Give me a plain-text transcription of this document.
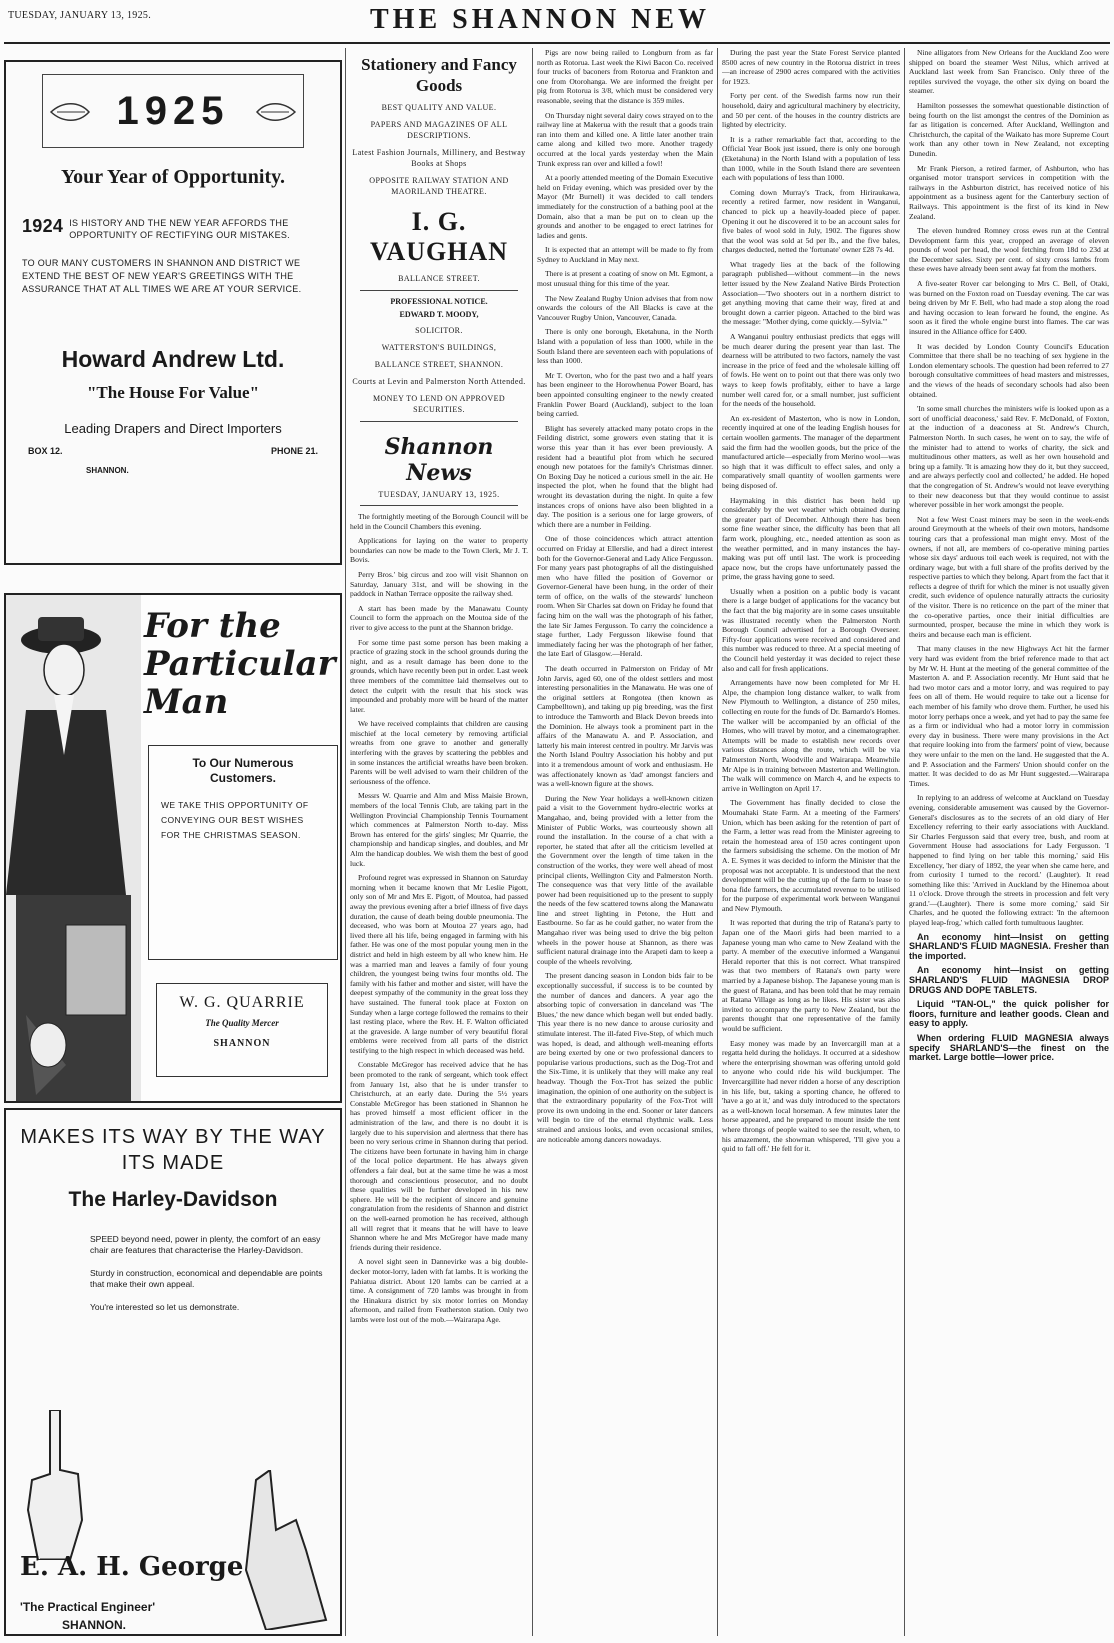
TUESDAY, JANUARY 13, 1925.	THE SHANNON NEW
1925
Your Year of Opportunity.
1924 IS HISTORY AND THE NEW YEAR AFFORDS THE OPPORTUNITY OF RECTIFYING OUR MISTAKES.
TO OUR MANY CUSTOMERS IN SHANNON AND DISTRICT WE EXTEND THE BEST OF NEW YEAR'S GREETINGS WITH THE ASSURANCE THAT AT ALL TIMES WE ARE AT YOUR SERVICE.
Howard Andrew Ltd.
"The House For Value"
Leading Drapers and Direct Importers
BOX 12.	PHONE 21.
SHANNON.
For the
Particular Man
To Our Numerous Customers.
WE TAKE THIS OPPORTUNITY OF CONVEYING OUR BEST WISHES FOR THE CHRISTMAS SEASON.
W. G. QUARRIE
The Quality Mercer
SHANNON
MAKES ITS WAY BY THE WAY ITS MADE
The Harley-Davidson
SPEED beyond need, power in plenty, the comfort of an easy chair are features that characterise the Harley-Davidson.
Sturdy in construction, economical and dependable are points that make their own appeal.
You're interested so let us demonstrate.
E. A. H. George
'The Practical Engineer'
SHANNON.
Stationery and Fancy Goods
BEST QUALITY AND VALUE.
PAPERS AND MAGAZINES OF ALL DESCRIPTIONS.
Latest Fashion Journals, Millinery, and Bestway Books at Shops
OPPOSITE RAILWAY STATION AND MAORILAND THEATRE.
I. G. VAUGHAN
BALLANCE STREET.
PROFESSIONAL NOTICE.
EDWARD T. MOODY,
SOLICITOR.
WATTERSTON'S BUILDINGS,
BALLANCE STREET, SHANNON.
Courts at Levin and Palmerston North Attended.
MONEY TO LEND ON APPROVED SECURITIES.
Shannon News
TUESDAY, JANUARY 13, 1925.

The fortnightly meeting of the Borough Council will be held in the Council Chambers this evening.

Applications for laying on the water to property boundaries can now be made to the Town Clerk, Mr J. T. Bovis.

Perry Bros.' big circus and zoo will visit Shannon on Saturday, January 31st, and will be showing in the paddock in Nathan Terrace opposite the railway shed.

A start has been made by the Manawatu County Council to form the approach on the Moutoa side of the river to give access to the punt at the Shannon bridge.

For some time past some person has been making a practice of grazing stock in the school grounds during the night, and as a result damage has been done to the grounds, which have recently been put in order. Last week three members of the committee laid themselves out to detect the culprit with the result that his stock was impounded and probably more will be heard of the matter later.

We have received complaints that children are causing mischief at the local cemetery by removing artificial wreaths from one grave to another and generally interfering with the graves by scattering the pebbles and in some instances the artificial wreaths have been broken. Parents will be well advised to warn their children of the seriousness of the offence.

Messrs W. Quarrie and Alm and Miss Maisie Brown, members of the local Tennis Club, are taking part in the Wellington Provincial Championship Tennis Tournament which commences at Palmerston North to-day. Miss Brown has entered for the girls' singles; Mr Quarrie, the championship and handicap singles, and doubles, and Mr Alm the handicap doubles. We wish them the best of good luck.

Profound regret was expressed in Shannon on Saturday morning when it became known that Mr Leslie Pigott, only son of Mr and Mrs E. Pigott, of Moutoa, had passed away the previous evening after a brief illness of five days duration, the cause of death being double pneumonia. The deceased, who was born at Moutoa 27 years ago, had lived there all his life, being engaged in farming with his father. He was one of the most popular young men in the district and held in high esteem by all who knew him. He was a married man and leaves a family of four young children, the youngest being twins four months old. The family with his father and mother and sister, will have the deepest sympathy of the community in the great loss they have sustained. The funeral took place at Foxton on Sunday when a large cortege followed the remains to their last resting place, where the Rev. H. F. Walton officiated at the graveside. A large number of very beautiful floral emblems were received from all parts of the district testifying to the high respect in which deceased was held.

Constable McGregor has received advice that he has been promoted to the rank of sergeant, which took effect from January 1st, also that he is under transfer to Christchurch, at an early date. During the 5½ years Constable McGregor has been stationed in Shannon he has proved himself a most efficient officer in the administration of the law, and there is no doubt it is largely due to his supervision and alertness that there has been no very serious crime in Shannon during that period. The citizens have been fortunate in having him in charge of the local police department. He has always given offenders a fair deal, but at the same time he was a most thorough and conscientious prosecutor, and no doubt these qualities will be further developed in his new sphere. He will be the recipient of sincere and genuine congratulation from the residents of Shannon and district on the well-earned promotion he has received, although all will regret that it means that he will have to leave Shannon where he and Mrs McGregor have made many friends during their residence.

A novel sight seen in Dannevirke was a big double-decker motor-lorry, laden with fat lambs. It is working the Pahiatua district. About 120 lambs can be carried at a time. A consignment of 720 lambs was brought in from the Hinakura district by six motor lorries on Monday afternoon, and railed from Featherston station. Only two lambs were lost out of the mob.—Wairarapa Age.

Pigs are now being railed to Longburn from as far north as Rotorua. Last week the Kiwi Bacon Co. received four trucks of baconers from Rotorua and Frankton and one from Otorohanga. We are informed the freight per pig from Rotorua is 3/8, which must be considered very reasonable, seeing that the distance is 359 miles.

On Thursday night several dairy cows strayed on to the railway line at Makerua with the result that a goods train ran into them and killed one. A little later another train came along and killed two more. Another tragedy occurred at the local yards yesterday when the Main Trunk express ran over and killed a fowl!

At a poorly attended meeting of the Domain Executive held on Friday evening, which was presided over by the Mayor (Mr Burnell) it was decided to call tenders immediately for the construction of a bathing pool at the Domain, also that a man be put on to clean up the grounds and another to be engaged to erect latrines for ladies and gents.

It is expected that an attempt will be made to fly from Sydney to Auckland in May next.

There is at present a coating of snow on Mt. Egmont, a most unusual thing for this time of the year.

The New Zealand Rugby Union advises that from now onwards the colours of the All Blacks is cave at the Vancouver Rugby Union, Vancouver, Canada.

There is only one borough, Eketahuna, in the North Island with a population of less than 1000, while in the South Island there are seventeen each with populations of less than 1000.

Mr T. Overton, who for the past two and a half years has been engineer to the Horowhenua Power Board, has been appointed consulting engineer to the newly created Franklin Power Board (Auckland), subject to the loan being carried.

Blight has severely attacked many potato crops in the Feilding district, some growers even stating that it is worse this year than it has ever been previously. A resident had a beautiful plot from which he secured enough new potatoes for the family's Christmas dinner. On Boxing Day he noticed a curious smell in the air. He inspected the plot, when he found that the blight had wrought its devastation during the night. In quite a few instances crops of onions have also been blighted in a day. The position is a serious one for large growers, of which there are a number in Feilding.

One of those coincidences which attract attention occurred on Friday at Ellerslie, and had a direct interest both for the Governor-General and Lady Alice Fergusson. For many years past photographs of all the distinguished men who have filled the position of Governor or Governor-General have been hung, in the order of their term of office, on the walls of the stewards' luncheon room. When Sir Charles sat down on Friday he found that facing him on the wall was the photograph of his father, the late Sir James Fergusson. To carry the coincidence a stage further, Lady Fergusson likewise found that immediately facing her was the photograph of her father, the late Earl of Glasgow.—Herald.

The death occurred in Palmerston on Friday of Mr John Jarvis, aged 60, one of the oldest settlers and most interesting personalities in the Manawatu. He was one of the original settlers at Rongotea (then known as Campbelltown), and taking up pig breeding, was the first to introduce the Tamworth and Black Devon breeds into the Dominion. He always took a prominent part in the affairs of the Manawatu A. and P. Association, and latterly his main interest centred in poultry. Mr Jarvis was the North Island Poultry Association his hobby and put into it a tremendous amount of work and enthusiasm. He was affectionately known as 'dad' amongst fanciers and was a well-known figure at the shows.

During the New Year holidays a well-known citizen paid a visit to the Government hydro-electric works at Mangahao, and, being provided with a letter from the Minister of Public Works, was courteously shown all round the installation. In the course of a chat with a reporter, he stated that after all the criticism levelled at the Government over the length of time taken in the construction of the works, they were well ahead of most principal clients, Wellington City and Palmerston North. The consequence was that very little of the available power had been requisitioned up to the present to supply the needs of the few scattered towns along the Manawatu line and street lighting in Petone, the Hutt and Eastbourne. So far as he could gather, no water from the Mangahao river was being used to drive the big pelton wheels in the power house at Shannon, as there was sufficient natural drainage into the Arapeti dam to keep a couple of the wheels revolving.

The present dancing season in London bids fair to be exceptionally successful, if success is to be counted by the number of dances and dancers. A year ago the absorbing topic of conversation in danceland was 'The Blues,' the new dance which began well but ended badly. This year there is no new dance to arouse curiosity and stimulate interest. The ill-fated Five-Step, of which much was hoped, is dead, and although well-meaning efforts are being exerted by one or two professional dancers to popularise various productions, such as the Dog-Trot and the Six-Time, it is unlikely that they will make any real headway. Though the Fox-Trot has seized the public imagination, the opinion of one authority on the subject is that the extraordinary popularity of the Fox-Trot will prove its own undoing in the end. Sooner or later dancers will begin to tire of the eternal rhythmic walk. Less strained and anxious looks, and even occasional smiles, are noticeable among dancers nowadays.

During the past year the State Forest Service planted 8500 acres of new country in the Rotorua district in trees—an increase of 2900 acres compared with the activities for 1923.

Forty per cent. of the Swedish farms now run their household, dairy and agricultural machinery by electricity, and 50 per cent. of the houses in the country districts are lighted by electricity.

It is a rather remarkable fact that, according to the Official Year Book just issued, there is only one borough (Eketahuna) in the North Island with a population of less than 1000, while in the South Island there are seventeen each with populations of less than 1000.

Coming down Murray's Track, from Hiriraukawa, recently a retired farmer, now resident in Wanganui, chanced to pick up a heavily-loaded piece of paper. Opening it out he discovered it to be an account sales for five bales of wool sold in July, 1902. The figures show that the wool was sold at 5d per lb., and the five bales, charges deducted, netted the 'fortunate' owner £28 7s 4d.

What tragedy lies at the back of the following paragraph published—without comment—in the news letter issued by the New Zealand Native Birds Protection Association—'Two shooters out in a northern district to get anything moving that came their way, fired at and brought down a carrier pigeon. Attached to the bird was the message: "Mother dying, come quickly.—Sylvia."'

A Wanganui poultry enthusiast predicts that eggs will be much dearer during the present year than last. The dearness will be attributed to two factors, namely the vast increase in the price of feed and the wholesale killing off of fowls. He went on to point out that there was only two ways to keep fowls profitably, either to have a large number well cared for, or a small number, just sufficient for the needs of the household.

An ex-resident of Masterton, who is now in London, recently inquired at one of the leading English houses for certain woollen garments. The manager of the department said the firm had the woollen goods, but the price of the manufactured article—especially from Merino wool—was so high that it was difficult to effect sales, and only a comparatively small quantity of woollen garments were being disposed of.

Haymaking in this district has been held up considerably by the wet weather which obtained during the greater part of December. Although there has been some fine weather since, the difficulty has been that all farm work, ploughing, etc., needed attention as soon as the weather permitted, and in many instances the hay-making was put off until last. The work is proceeding apace now, but the crops have unfortunately passed the prime, the grass having gone to seed.

Usually when a position on a public body is vacant there is a large budget of applications for the vacancy but the fact that the big majority are in some cases unsuitable was illustrated recently when the Palmerston North Borough Council advertised for a Borough Overseer. Fifty-four applications were received and considered and this number was reduced to three. At a special meeting of the Council held yesterday it was decided to reject these also and call for fresh applications.

Arrangements have now been completed for Mr H. Alpe, the champion long distance walker, to walk from New Plymouth to Wellington, a distance of 250 miles, collecting en route for the funds of Dr. Barnardo's Homes. The walker will be accompanied by an official of the Homes, who will travel by motor, and a cinematographer. Attempts will be made to establish new records over various distances along the route, which will be via Palmerston North, Woodville and Wairarapa. Meanwhile Mr Alpe is in training between Masterton and Wellington. The walk will commence on March 4, and he expects to arrive in Wellington on April 17.

The Government has finally decided to close the Moumahaki State Farm. At a meeting of the Farmers' Union, which has been asking for the retention of part of the Farm, a letter was read from the Minister agreeing to retain the homestead area of 150 acres contingent upon the farmers subsidising the scheme. On the motion of Mr A. E. Symes it was decided to inform the Minister that the proposal was not acceptable. It is understood that the next development will be the cutting up of the farm to lease to bona fide farmers, the accumulated revenue to be utilised for the purpose of experimental work between Wanganui and New Plymouth.

It was reported that during the trip of Ratana's party to Japan one of the Maori girls had been married to a Japanese young man who came to New Zealand with the party. A member of the executive informed a Wanganui Herald reporter that this is not correct. What transpired was that two members of Ratana's own party were married by a Japanese bishop. The Japanese young man is the guest of Ratana, and has been told that he may remain at Ratana Village as long as he likes. His sister was also invited to accompany the party to New Zealand, but the parents thought that one representative of the family would be sufficient.

Easy money was made by an Invercargill man at a regatta held during the holidays. It occurred at a sideshow where the enterprising showman was offering untold gold to anyone who could ride his wild buckjumper. The Invercargillite had never ridden a horse of any description in his life, but, taking a sporting chance, he offered to 'have a go at it,' and was duly introduced to the spectators as a well-known local horseman. A few minutes later the horse appeared, and he prepared to mount inside the tent where throngs of people waited to see the result, when, to his amazement, the showman whispered, 'I'll give you a quid to fall off.' He fell for it.

Nine alligators from New Orleans for the Auckland Zoo were shipped on board the steamer West Nilus, which arrived at Auckland last week from San Francisco. Only three of the reptiles survived the voyage, the other six dying on board the steamer.

Hamilton possesses the somewhat questionable distinction of being fourth on the list amongst the centres of the Dominion as far as litigation is concerned. After Auckland, Wellington and Christchurch, the capital of the Waikato has more Supreme Court work than any other town in New Zealand, not excepting Dunedin.

Mr Frank Pierson, a retired farmer, of Ashburton, who has organised motor transport services in competition with the railways in the Ashburton district, has received notice of his appointment as a business agent for the Canterbury section of Railways. This appointment is the first of its kind in New Zealand.

The eleven hundred Romney cross ewes run at the Central Development farm this year, cropped an average of eleven pounds of wool per head, the wool fetching from 18d to 23d at the December sales. Sixty per cent. of sixty cross lambs from these ewes have already been sent away fat from the mothers.

A five-seater Rover car belonging to Mrs C. Bell, of Otaki, was burned on the Foxton road on Tuesday evening. The car was being driven by Mr F. Bell, who had made a stop along the road and having occasion to lean forward he found, the engine. As soon as it fired the whole engine burst into flames. The car was insured in the Alliance office for £400.

It was decided by London County Council's Education Committee that there shall be no teaching of sex hygiene in the London elementary schools. The question had been referred to 27 borough consultative committees of head masters and mistresses, and the views of the heads of secondary schools had also been obtained.

'In some small churches the ministers wife is looked upon as a sort of unofficial deaconess,' said Rev. F. McDonald, of Foxton, at the induction of a deaconess at St. Andrew's Church, Palmerston North. In such cases, he went on to say, the wife of the minister had to attend to works of charity, the sick and multitudinous other matters, as well as her own household and bring up a family. 'It is amazing how they do it, but they succeed, and are always perfectly cool and collected,' he added. He hoped that the congregation of St. Andrew's would not leave everything to their new deaconess but that they would continue to assist wherever possible in her work amongst the people.

Not a few West Coast miners may be seen in the week-ends around Greymouth at the wheels of their own motors, handsome touring cars that a professional man might envy. Most of the owners, if not all, are members of co-operative mining parties whose six days' arduous toil each week is required, not with the ordinary wage, but with a full share of the profits derived by the respective parties to which they belong. Apart from the fact that it reflects a degree of thrift for which the miner is not usually given credit, such evidence of opulence naturally attracts the curiosity of the visitor. There is no reticence on the part of the miner that the co-operative parties, once their initial difficulties are surmounted, prosper, because the mine in which they work is theirs and because each man is efficient.

That many clauses in the new Highways Act hit the farmer very hard was evident from the brief reference made to that act by Mr W. H. Hunt at the meeting of the general committee of the Masterton A. and P. Association recently. Mr Hunt said that he had two motor cars and a motor lorry, and was required to pay fees on all of them. He would require to take out a license for each member of his family who drove them. Further, he used his motor lorry perhaps once a week, and yet had to pay the same fee as a firm or individual who had a motor lorry in commission every day in business. There were many provisions in the Act that require looking into from the farmers' point of view, because they were unfair to the men on the land. He suggested that the A. and P. Association and the Farmers' Union should confer on the matter. It was decided to do as Mr Hunt suggested.—Wairarapa Times.

In replying to an address of welcome at Auckland on Tuesday evening, considerable amusement was caused by the Governor-General's disclosures as to the secrets of an old diary of Her Excellency referring to their early associations with Auckland. Sir Charles Fergusson said that every tree, bush, and room at Government House had associations for Lady Fergusson. 'I happened to find lying on her table this morning,' said His Excellency, 'her diary of 1892, the year when she came here, and from curiosity I turned to the record.' (Laughter). It read something like this: 'Arrived in Auckland by the Hinemoa about 11 o'clock. Drove through the streets in procession and felt very grand.'—(Laughter). There is some more coming,' said Sir Charles, and he quoted the following extract: 'In the afternoon played leap-frog,' which called forth tumultuous laughter.

An economy hint—Insist on getting SHARLAND'S FLUID MAGNESIA. Fresher than the imported.

An economy hint—Insist on getting SHARLAND'S FLUID MAGNESIA DROP DRUGS AND DOPE TABLETS.

Liquid "TAN-OL," the quick polisher for floors, furniture and leather goods. Clean and easy to apply.

When ordering FLUID MAGNESIA always specify SHARLAND'S—the finest on the market. Large bottle—lower price.
